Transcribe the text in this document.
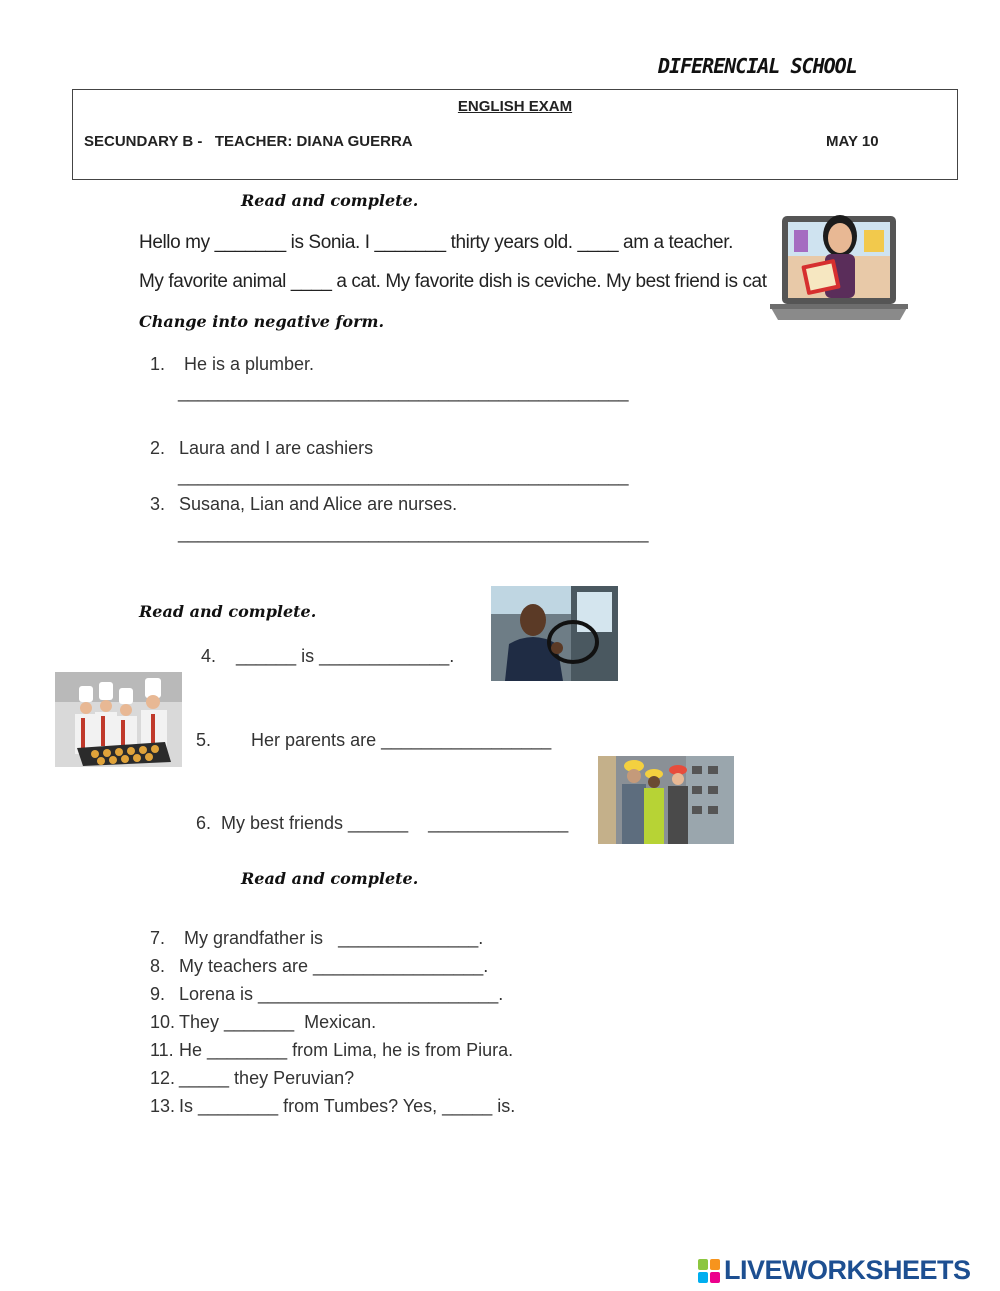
DIFERENCIAL SCHOOL
ENGLISH EXAM
SECUNDARY B -   TEACHER: DIANA GUERRA	MAY 10
Read and complete.
Hello my _______ is Sonia. I _______ thirty years old. ____ am a teacher.
My favorite animal ____ a cat. My favorite dish is ceviche. My best friend is cat
Change into negative form.
1. He is a plumber.
_____________________________________________
2. Laura and I are cashiers
_____________________________________________
3. Susana, Lian and Alice are nurses.
_______________________________________________
Read and complete.
4.    ______ is _____________.
5.        Her parents are _________________
6.  My best friends ______    ______________
Read and complete.
7. My grandfather is   ______________.
8. My teachers are _________________.
9. Lorena is ________________________.
10. They _______  Mexican.
11. He ________ from Lima, he is from Piura.
12. _____ they Peruvian?
13. Is ________ from Tumbes? Yes, _____ is.
LIVEWORKSHEETS
